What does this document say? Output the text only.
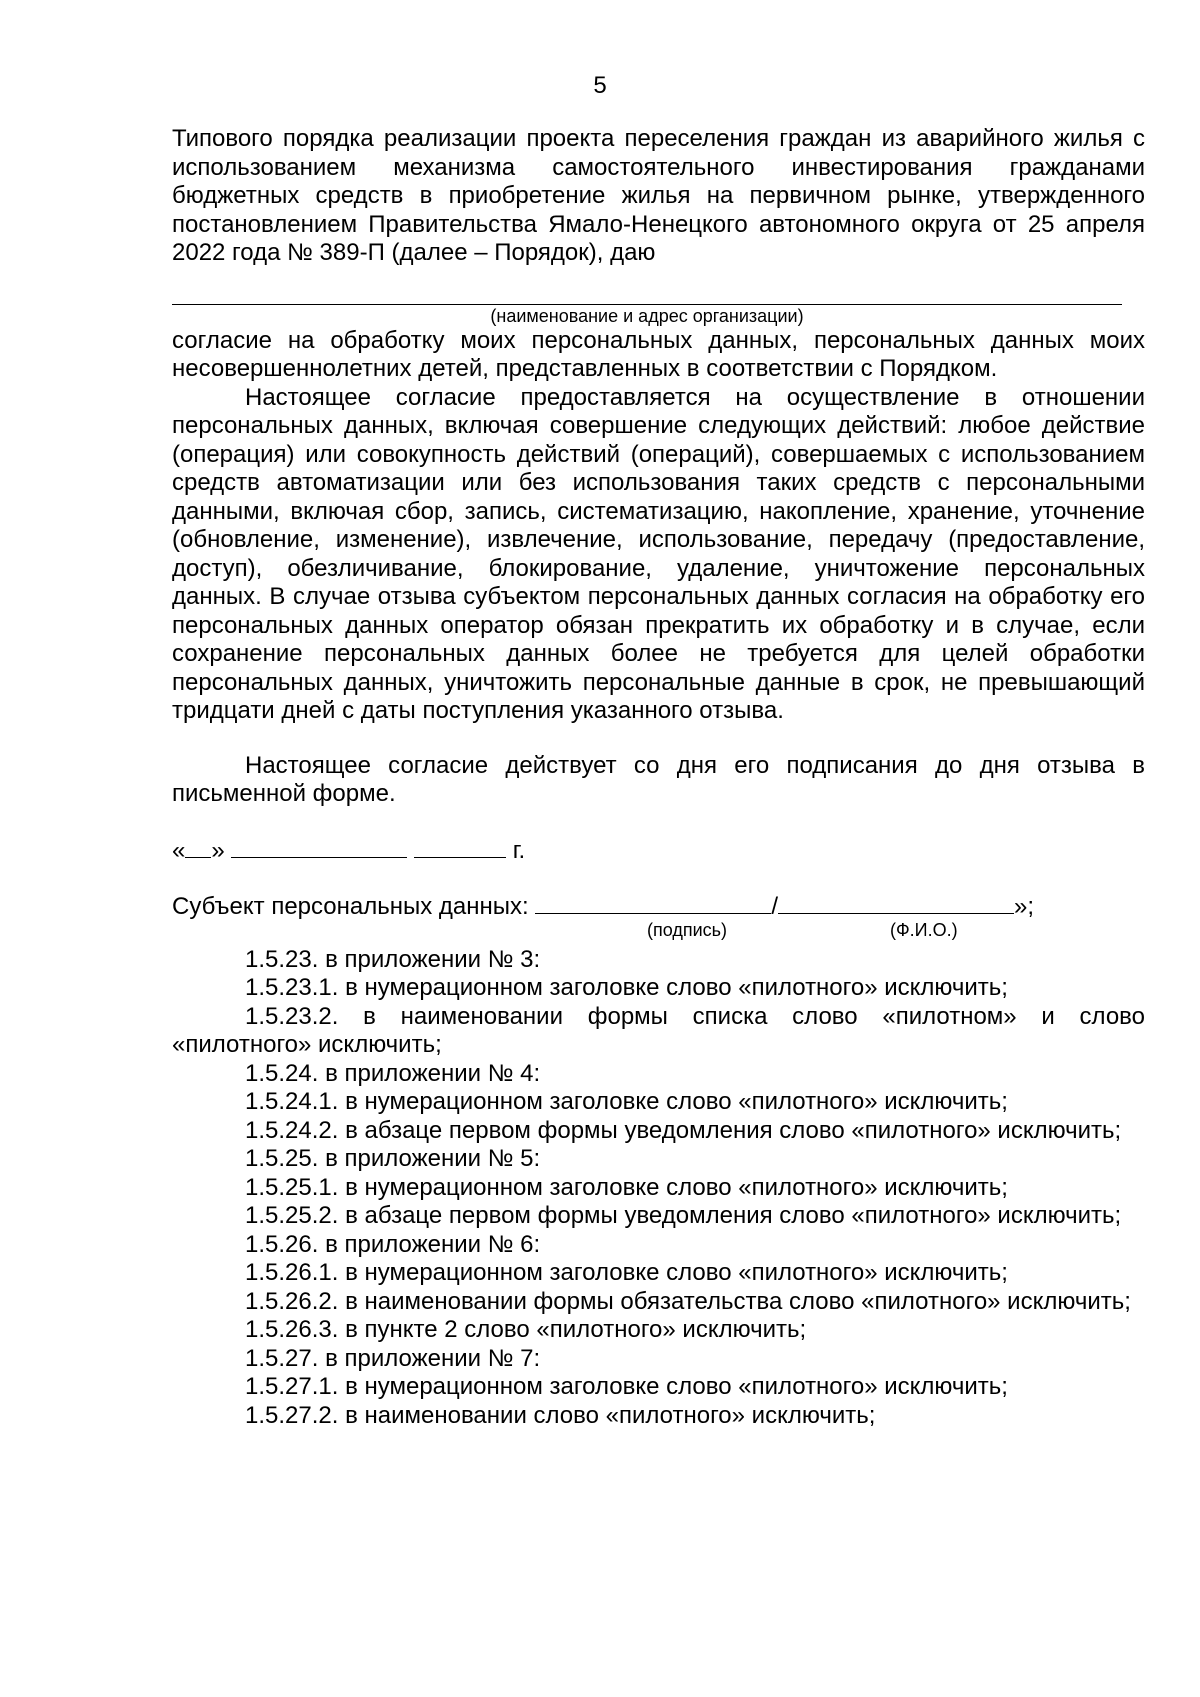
5

Типового порядка реализации проекта переселения граждан из аварийного жилья с использованием механизма самостоятельного инвестирования гражданами бюджетных средств в приобретение жилья на первичном рынке, утвержденного постановлением Правительства Ямало-Ненецкого автономного округа от 25 апреля 2022 года № 389-П (далее – Порядок), даю

(наименование и адрес организации)

согласие на обработку моих персональных данных, персональных данных моих несовершеннолетних детей, представленных в соответствии с Порядком.

Настоящее согласие предоставляется на осуществление в отношении персональных данных, включая совершение следующих действий: любое действие (операция) или совокупность действий (операций), совершаемых с использованием средств автоматизации или без использования таких средств с персональными данными, включая сбор, запись, систематизацию, накопление, хранение, уточнение (обновление, изменение), извлечение, использование, передачу (предоставление, доступ), обезличивание, блокирование, удаление, уничтожение персональных данных. В случае отзыва субъектом персональных данных согласия на обработку его персональных данных оператор обязан прекратить их обработку и в случае, если сохранение персональных данных более не требуется для целей обработки персональных данных, уничтожить персональные данные в срок, не превышающий тридцати дней с даты поступления указанного отзыва.

Настоящее согласие действует со дня его подписания до дня отзыва в письменной форме.

« »	г.
Субъект персональных данных:	/	»;
(подпись)	(Ф.И.О.)

1.5.23. в приложении № 3:

1.5.23.1. в нумерационном заголовке слово «пилотного» исключить;

1.5.23.2. в наименовании формы списка слово «пилотном» и слово «пилотного» исключить;

1.5.24. в приложении № 4:

1.5.24.1. в нумерационном заголовке слово «пилотного» исключить;

1.5.24.2. в абзаце первом формы уведомления слово «пилотного» исключить;

1.5.25. в приложении № 5:

1.5.25.1. в нумерационном заголовке слово «пилотного» исключить;

1.5.25.2. в абзаце первом формы уведомления слово «пилотного» исключить;

1.5.26. в приложении № 6:

1.5.26.1. в нумерационном заголовке слово «пилотного» исключить;

1.5.26.2. в наименовании формы обязательства слово «пилотного» исключить;

1.5.26.3. в пункте 2 слово «пилотного» исключить;

1.5.27. в приложении № 7:

1.5.27.1. в нумерационном заголовке слово «пилотного» исключить;

1.5.27.2. в наименовании слово «пилотного» исключить;
